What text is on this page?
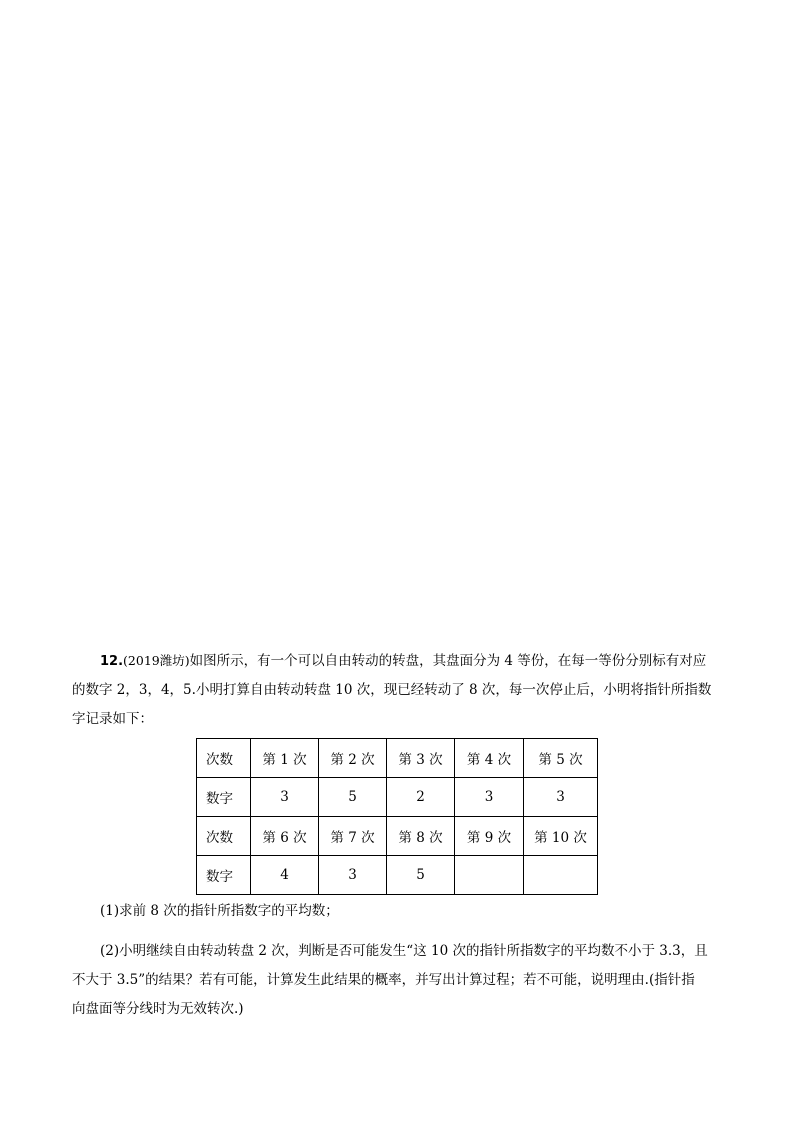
12.(2019潍坊)如图所示，有一个可以自由转动的转盘，其盘面分为 4 等份，在每一等份分别标有对应

的数字 2，3，4，5.小明打算自由转动转盘 10 次，现已经转动了 8 次，每一次停止后，小明将指针所指数
字记录如下：
次数	第 1 次	第 2 次	第 3 次	第 4 次	第 5 次
数字	3	5	2	3	3
次数	第 6 次	第 7 次	第 8 次	第 9 次	第 10 次
数字	4	3	5		
(1)求前 8 次的指针所指数字的平均数；
(2)小明继续自由转动转盘 2 次，判断是否可能发生“这 10 次的指针所指数字的平均数不小于 3.3，且
不大于 3.5”的结果？若有可能，计算发生此结果的概率，并写出计算过程；若不可能，说明理由.(指针指
向盘面等分线时为无效转次.)
